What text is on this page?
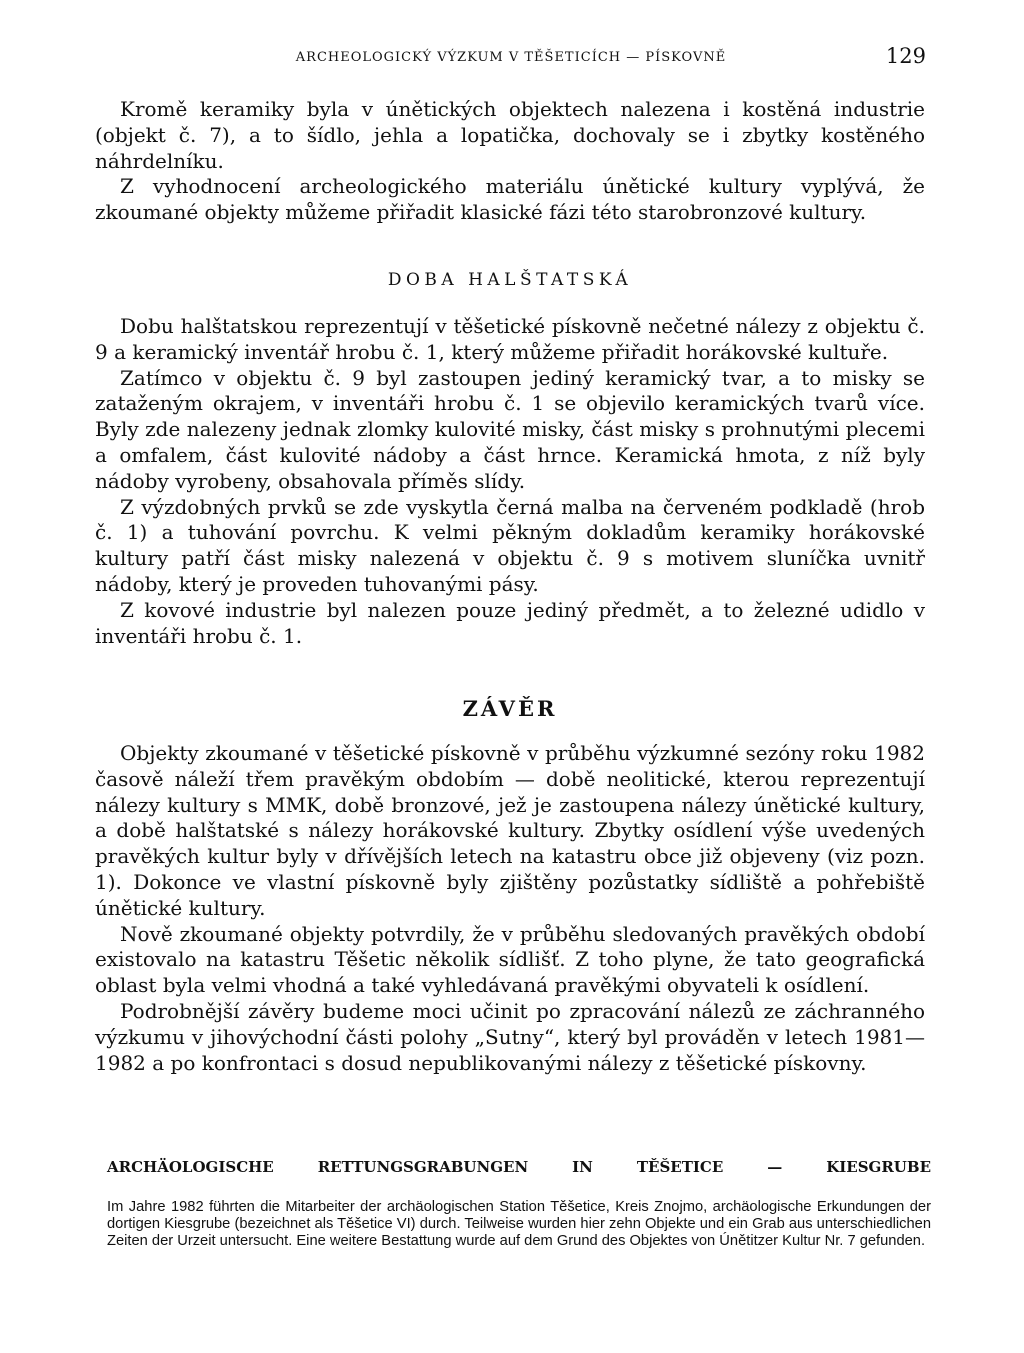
ARCHEOLOGICKÝ VÝZKUM V TĚŠETICÍCH — PÍSKOVNĚ	129

Kromě keramiky byla v únětických objektech nalezena i kostěná industrie (objekt č. 7), a to šídlo, jehla a lopatička, dochovaly se i zbytky kostěného náhrdelníku.

Z vyhodnocení archeologického materiálu únětické kultury vyplývá, že zkoumané objekty můžeme přiřadit klasické fázi této starobronzové kultury.

DOBA HALŠTATSKÁ

Dobu halštatskou reprezentují v těšetické pískovně nečetné nálezy z objektu č. 9 a keramický inventář hrobu č. 1, který můžeme přiřadit horákovské kultuře.

Zatímco v objektu č. 9 byl zastoupen jediný keramický tvar, a to misky se zataženým okrajem, v inventáři hrobu č. 1 se objevilo keramických tvarů více. Byly zde nalezeny jednak zlomky kulovité misky, část misky s prohnutými plecemi a omfalem, část kulovité nádoby a část hrnce. Keramická hmota, z níž byly nádoby vyrobeny, obsahovala příměs slídy.

Z výzdobných prvků se zde vyskytla černá malba na červeném podkladě (hrob č. 1) a tuhování povrchu. K velmi pěkným dokladům keramiky horákovské kultury patří část misky nalezená v objektu č. 9 s motivem sluníčka uvnitř nádoby, který je proveden tuhovanými pásy.

Z kovové industrie byl nalezen pouze jediný předmět, a to železné udidlo v inventáři hrobu č. 1.

ZÁVĚR

Objekty zkoumané v těšetické pískovně v průběhu výzkumné sezóny roku 1982 časově náleží třem pravěkým obdobím — době neolitické, kterou reprezentují nálezy kultury s MMK, době bronzové, jež je zastoupena nálezy únětické kultury, a době halštatské s nálezy horákovské kultury. Zbytky osídlení výše uvedených pravěkých kultur byly v dřívějších letech na katastru obce již objeveny (viz pozn. 1). Dokonce ve vlastní pískovně byly zjištěny pozůstatky sídliště a pohřebiště únětické kultury.

Nově zkoumané objekty potvrdily, že v průběhu sledovaných pravěkých období existovalo na katastru Těšetic několik sídlišť. Z toho plyne, že tato geografická oblast byla velmi vhodná a také vyhledávaná pravěkými obyvateli k osídlení.

Podrobnější závěry budeme moci učinit po zpracování nálezů ze záchranného výzkumu v jihovýchodní části polohy „Sutny“, který byl prováděn v letech 1981—1982 a po konfrontaci s dosud nepublikovanými nálezy z těšetické pískovny.

ARCHÄOLOGISCHE RETTUNGSGRABUNGEN IN TĚŠETICE — KIESGRUBE

Im Jahre 1982 führten die Mitarbeiter der archäologischen Station Těšetice, Kreis Znojmo, archäologische Erkundungen der dortigen Kiesgrube (bezeichnet als Těšetice VI) durch. Teilweise wurden hier zehn Objekte und ein Grab aus unterschiedlichen Zeiten der Urzeit untersucht. Eine weitere Bestattung wurde auf dem Grund des Objektes von Únětitzer Kultur Nr. 7 gefunden.
